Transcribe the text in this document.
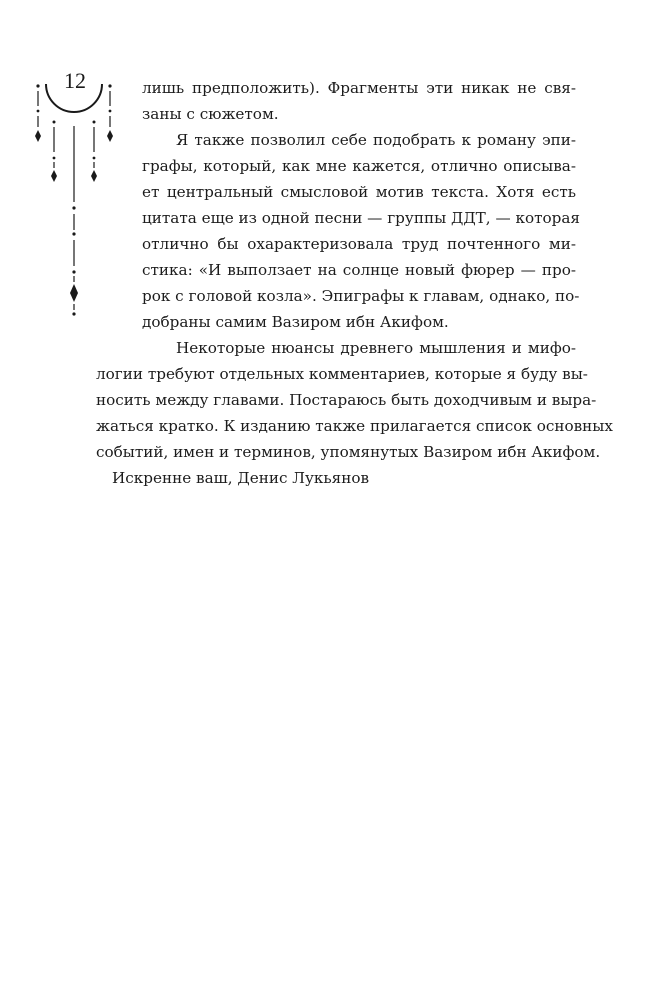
12	лишь предположить). Фрагменты эти никак не свя-
заны с сюжетом.
Я также позволил себе подобрать к роману эпи-
графы, который, как мне кажется, отлично описыва-
ет центральный смысловой мотив текста. Хотя есть
цитата еще из одной песни — группы ДДТ, — которая
отлично бы охарактеризовала труд почтенного ми-
стика: «И выползает на солнце новый фюрер — про-
рок с головой козла». Эпиграфы к главам, однако, по-
добраны самим Вазиром ибн Акифом.
Некоторые нюансы древнего мышления и мифо-
логии требуют отдельных комментариев, которые я буду вы-
носить между главами. Постараюсь быть доходчивым и выра-
жаться кратко. К изданию также прилагается список основных
событий, имен и терминов, упомянутых Вазиром ибн Акифом.
Искренне ваш, Денис Лукьянов
